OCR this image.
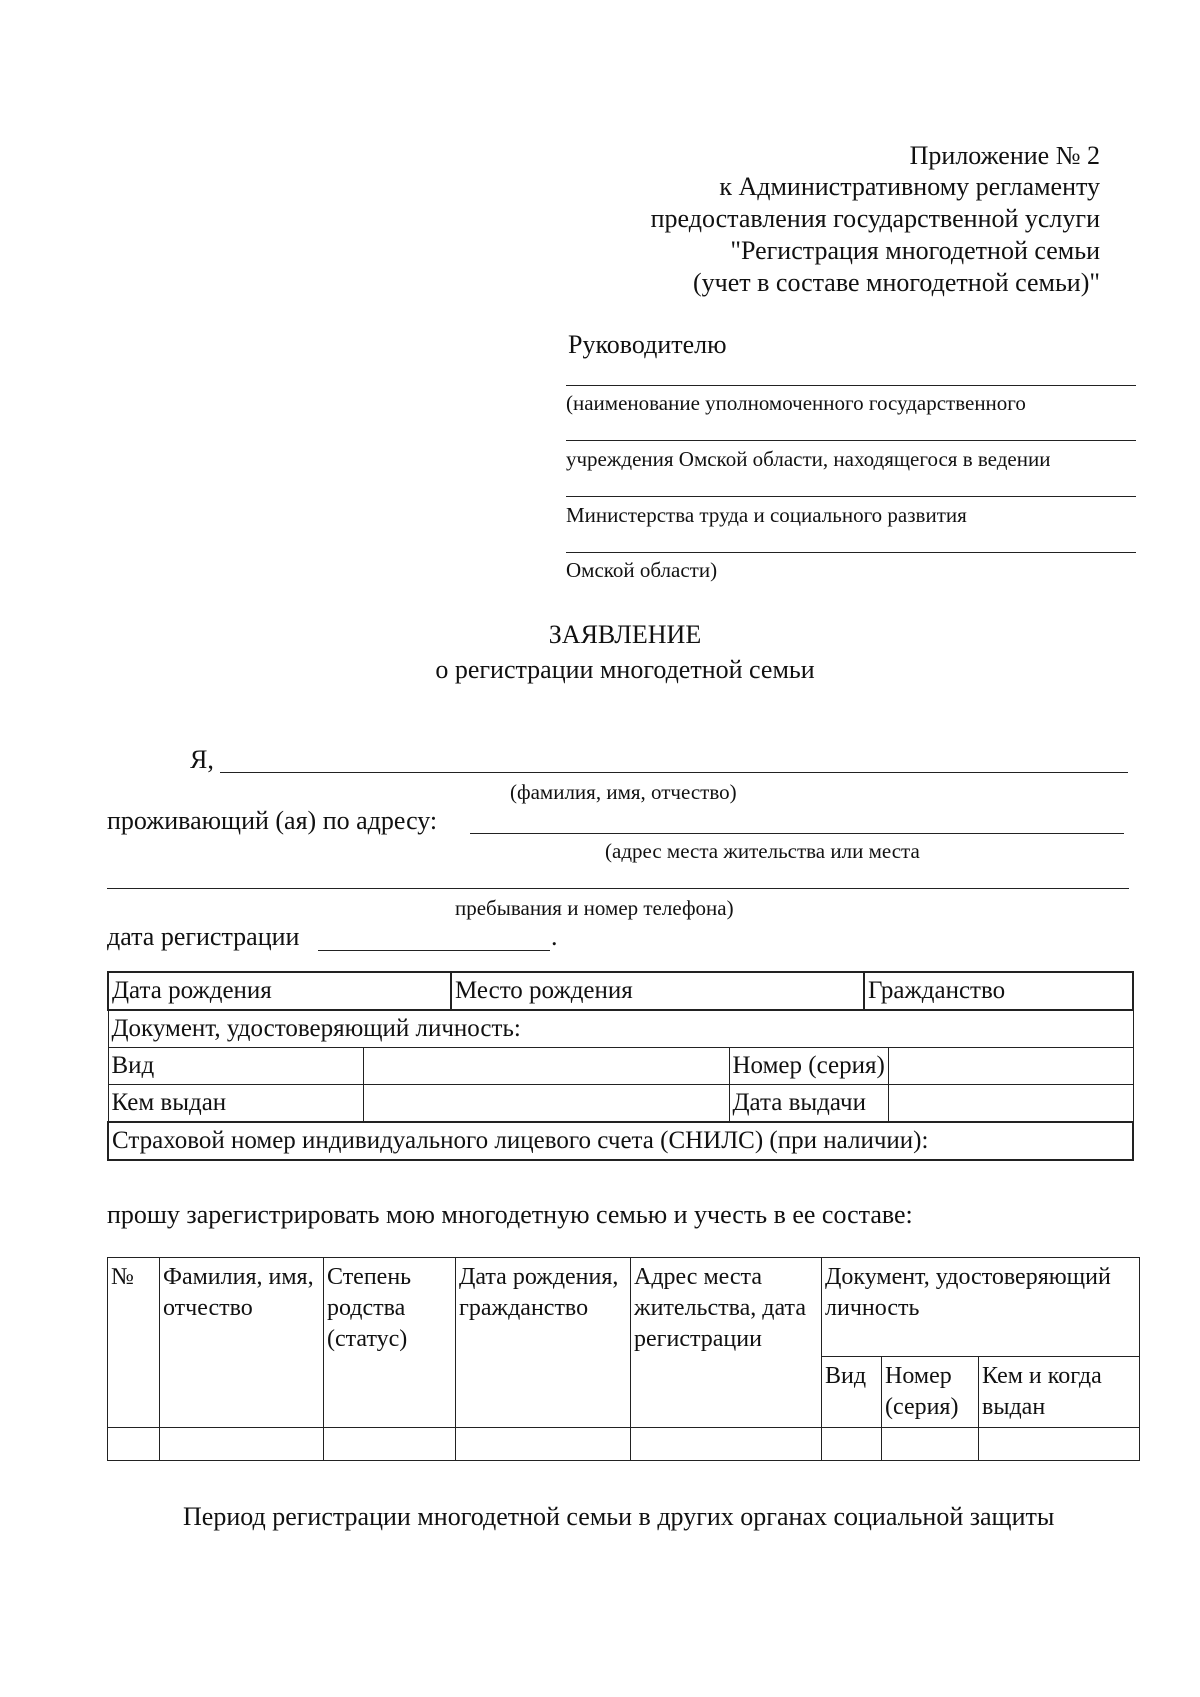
Приложение № 2
к Административному регламенту
предоставления государственной услуги
"Регистрация многодетной семьи
(учет в составе многодетной семьи)"
Руководителю
(наименование уполномоченного государственного
учреждения Омской области, находящегося в ведении
Министерства труда и социального развития
Омской области)
ЗАЯВЛЕНИЕ
о регистрации многодетной семьи
Я,
(фамилия, имя, отчество)
проживающий (ая) по адресу:
(адрес места жительства или места
пребывания и номер телефона)
дата регистрации	.
Дата рождения		Место рождения		Гражданство	
Документ, удостоверяющий личность:					
Вид			Номер (серия)		
Кем выдан			Дата выдачи		
Страховой номер индивидуального лицевого счета (СНИЛС) (при наличии):					
прошу зарегистрировать мою многодетную семью и учесть в ее составе:
№	Фамилия, имя, отчество	Степень родства (статус)	Дата рождения, гражданство	Адрес места жительства, дата регистрации	Документ, удостоверяющий личность		
					Вид	Номер (серия)	Кем и когда выдан

Период регистрации многодетной семьи в других органах социальной защиты
